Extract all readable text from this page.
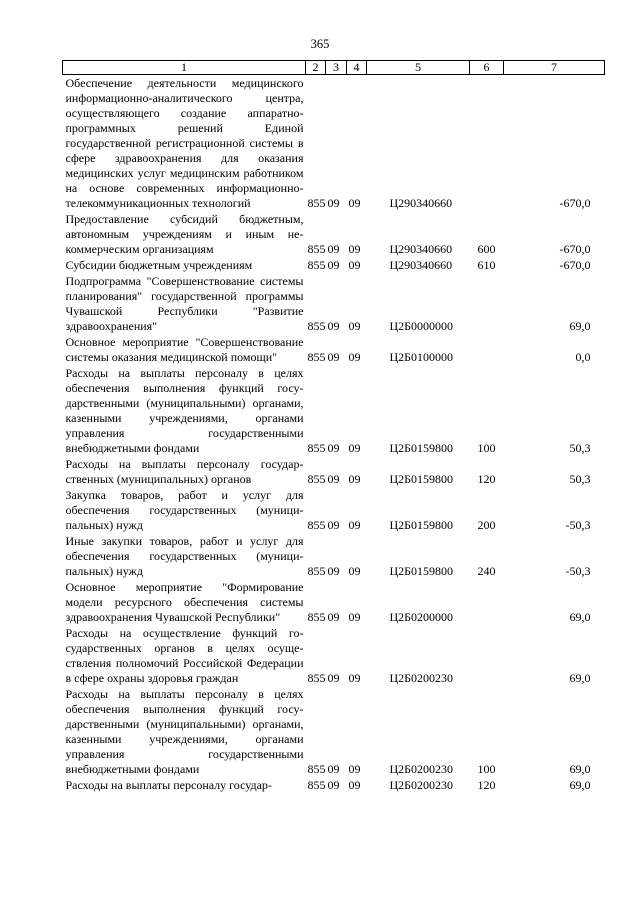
365
1	2	3	4	5	6	7
Обеспечение деятельности медицинского информационно-аналитического центра, осуществляющего создание аппаратно-программных решений Единой государственной регистрационной системы в сфере здравоохранения для оказания медицинских услуг медицинским работником на основе современных информационно-телекоммуникационных технологий	855	09	09	Ц290340660		-670,0
Предоставление субсидий бюджетным, автономным учреждениям и иным некоммерческим организациям	855	09	09	Ц290340660	600	-670,0
Субсидии бюджетным учреждениям	855	09	09	Ц290340660	610	-670,0
Подпрограмма "Совершенствование системы планирования" государственной программы Чувашской Республики "Развитие здравоохранения"	855	09	09	Ц2Б0000000		69,0
Основное мероприятие "Совершенствование системы оказания медицинской помощи"	855	09	09	Ц2Б0100000		0,0
Расходы на выплаты персоналу в целях обеспечения выполнения функций государственными (муниципальными) органами, казенными учреждениями, органами управления государственными внебюджетными фондами	855	09	09	Ц2Б0159800	100	50,3
Расходы на выплаты персоналу государственных (муниципальных) органов	855	09	09	Ц2Б0159800	120	50,3
Закупка товаров, работ и услуг для обеспечения государственных (муниципальных) нужд	855	09	09	Ц2Б0159800	200	-50,3
Иные закупки товаров, работ и услуг для обеспечения государственных (муниципальных) нужд	855	09	09	Ц2Б0159800	240	-50,3
Основное мероприятие "Формирование модели ресурсного обеспечения системы здравоохранения Чувашской Республики"	855	09	09	Ц2Б0200000		69,0
Расходы на осуществление функций государственных органов в целях осуществления полномочий Российской Федерации в сфере охраны здоровья граждан	855	09	09	Ц2Б0200230		69,0
Расходы на выплаты персоналу в целях обеспечения выполнения функций государственными (муниципальными) органами, казенными учреждениями, органами управления государственными внебюджетными фондами	855	09	09	Ц2Б0200230	100	69,0
Расходы на выплаты персоналу государ-	855	09	09	Ц2Б0200230	120	69,0
